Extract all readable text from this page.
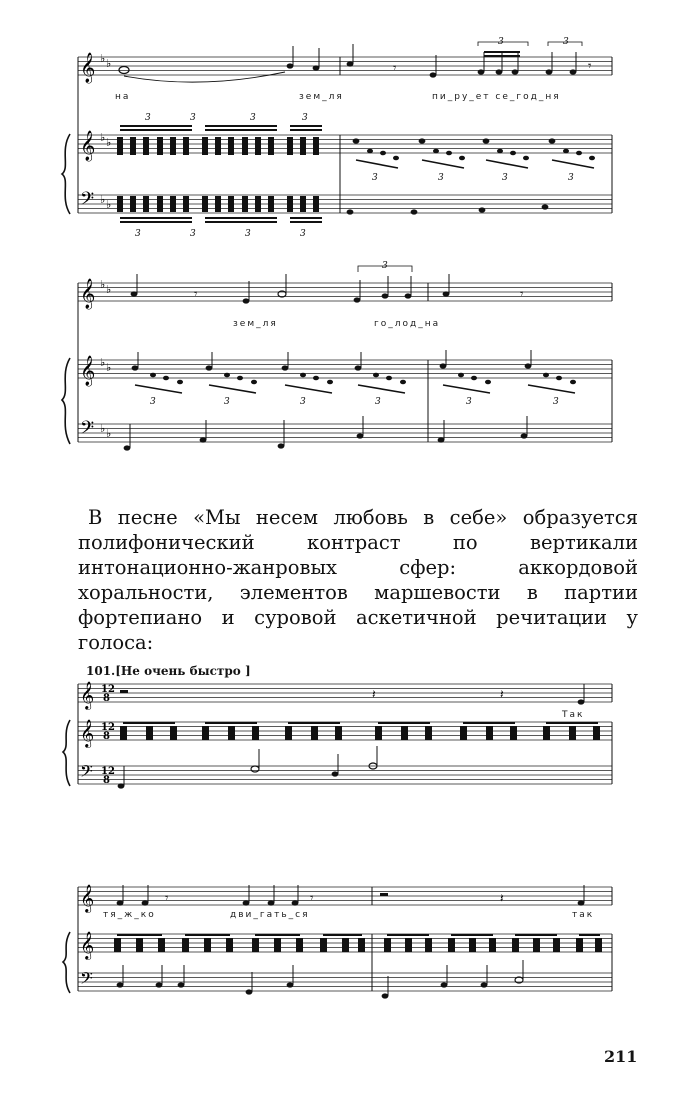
𝄞
𝄞
𝄢
♭ ♭
♭ ♭
♭ ♭
3	3
𝄾	𝄾
3	3	3	3
3	3	3	3
3	3	3	3
на	зем_ля	пи_ру_ет се_год_ня
𝄞
𝄞
𝄢
♭ ♭
♭ ♭
♭ ♭
3
𝄾	𝄾
3	3	3	3	3	3
зем_ля	го_лод_на

В песне «Мы несем любовь в себе» образуется полифонический контраст по вертикали интонационно-жанровых сфер: аккордовой хоральности, элементов маршевости в партии фортепиано и суровой аскетичной речитации у голоса:

101.[Не очень быстро ]
𝄞
𝄞
𝄢
12
8
12
8
12
8
𝄽	𝄽
Так
𝄞
𝄞
𝄢
𝄾	𝄾	𝄽
тя_ж_ко	дви_гать_ся	так
211
